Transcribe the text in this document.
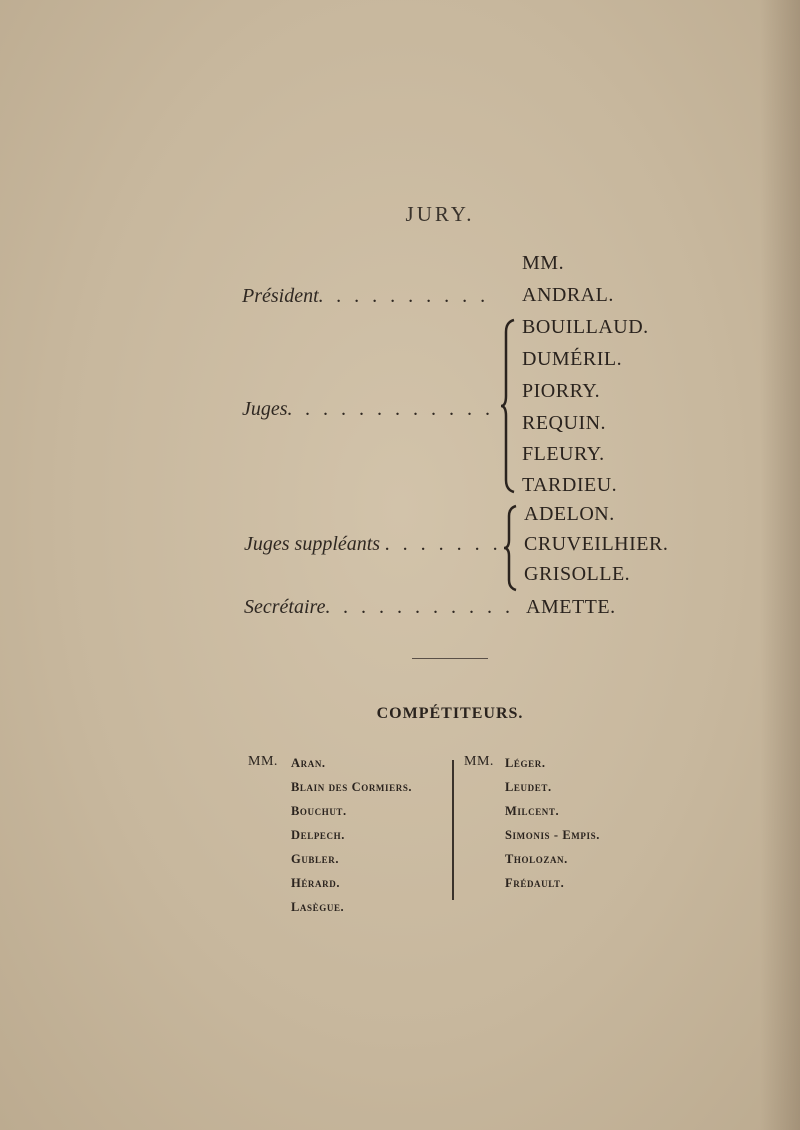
JURY.
MM.
Président. . . . . . . . . . ANDRAL.
Juges. . . . . . . . . . . .
BOUILLAUD.
DUMÉRIL.
PIORRY.
REQUIN.
FLEURY.
TARDIEU.
Juges suppléants . . . . . . .
ADELON.
CRUVEILHIER.
GRISOLLE.
Secrétaire. . . . . . . . . . . AMETTE.
COMPÉTITEURS.
MM. Aran.
Blain des Cormiers.
Bouchut.
Delpech.
Gubler.
Hérard.
Lasègue.
MM. Léger.
Leudet.
Milcent.
Simonis - Empis.
Tholozan.
Frédault.
